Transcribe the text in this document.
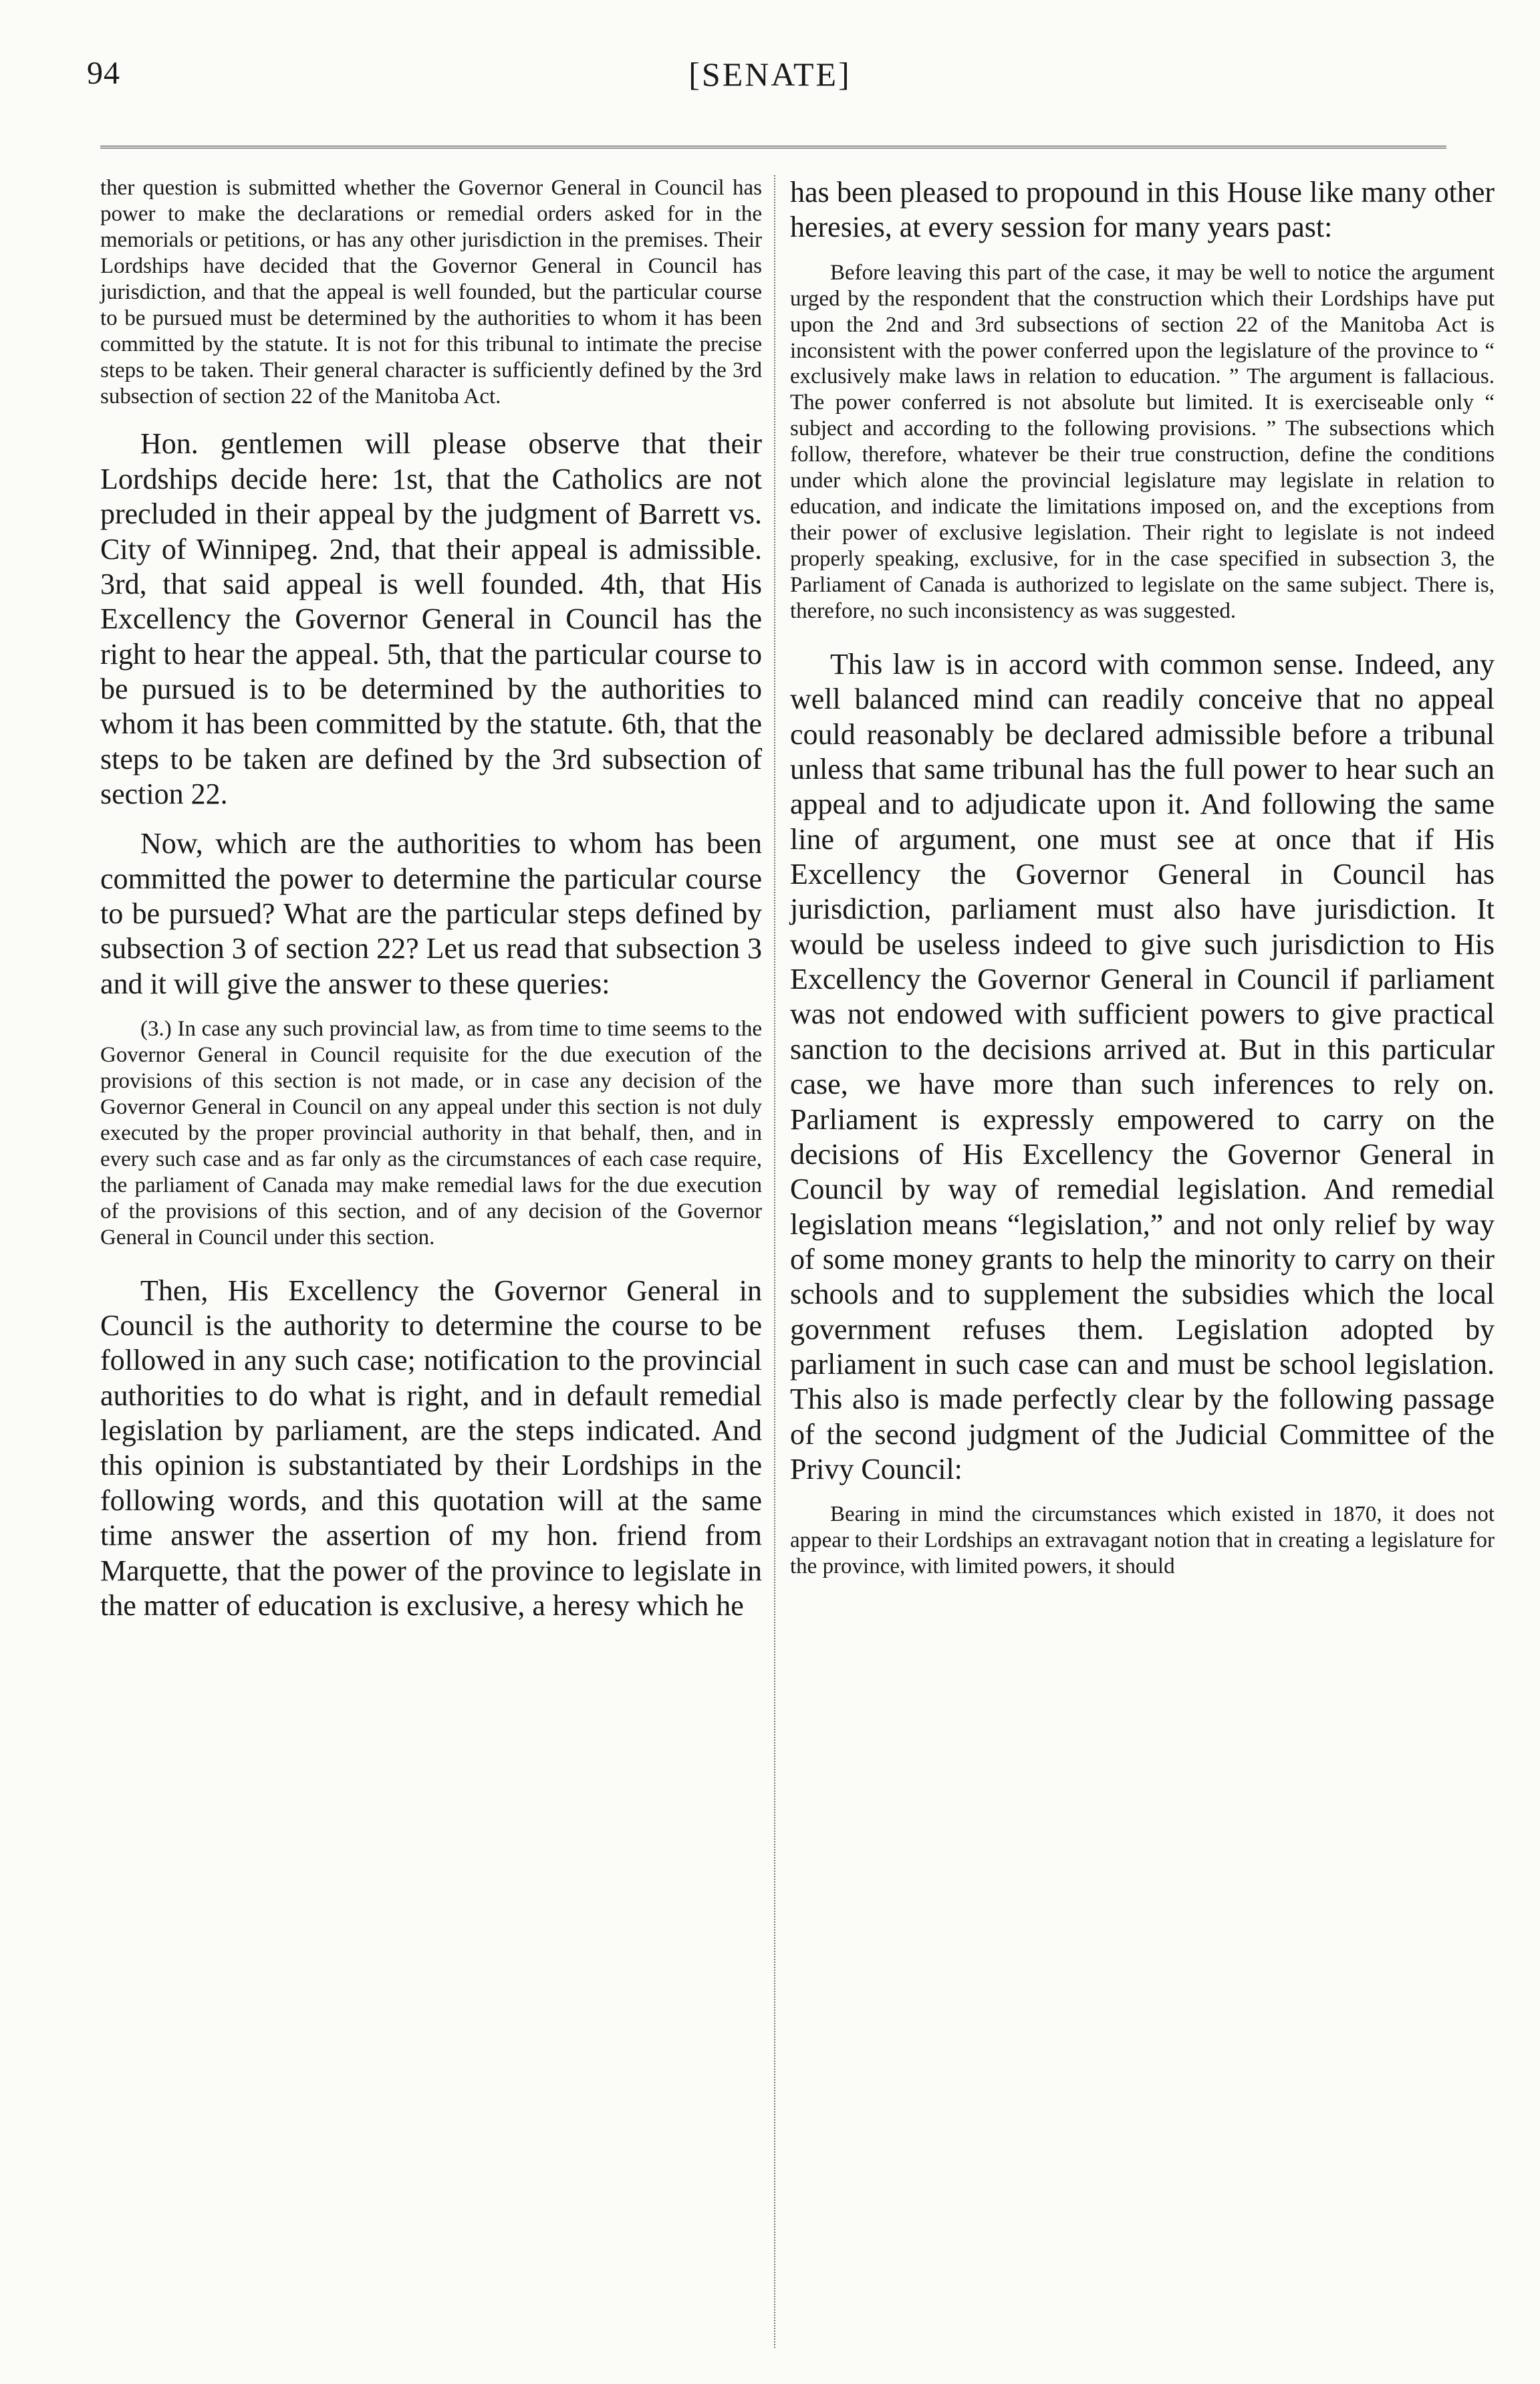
94	[SENATE]

ther question is submitted whether the Governor General in Council has power to make the declarations or remedial orders asked for in the memorials or petitions, or has any other jurisdiction in the premises. Their Lordships have decided that the Governor General in Council has jurisdiction, and that the appeal is well founded, but the particular course to be pursued must be determined by the authorities to whom it has been committed by the statute. It is not for this tribunal to intimate the precise steps to be taken. Their general character is sufficiently defined by the 3rd subsection of section 22 of the Manitoba Act.

Hon. gentlemen will please observe that their Lordships decide here: 1st, that the Catholics are not precluded in their appeal by the judgment of Barrett vs. City of Winnipeg. 2nd, that their appeal is admissible. 3rd, that said appeal is well founded. 4th, that His Excellency the Governor General in Council has the right to hear the appeal. 5th, that the particular course to be pursued is to be determined by the authorities to whom it has been committed by the statute. 6th, that the steps to be taken are defined by the 3rd subsection of section 22.

Now, which are the authorities to whom has been committed the power to determine the particular course to be pursued? What are the particular steps defined by subsection 3 of section 22? Let us read that subsection 3 and it will give the answer to these queries:

(3.) In case any such provincial law, as from time to time seems to the Governor General in Council requisite for the due execution of the provisions of this section is not made, or in case any decision of the Governor General in Council on any appeal under this section is not duly executed by the proper provincial authority in that behalf, then, and in every such case and as far only as the circumstances of each case require, the parliament of Canada may make remedial laws for the due execution of the provisions of this section, and of any decision of the Governor General in Council under this section.

Then, His Excellency the Governor General in Council is the authority to determine the course to be followed in any such case; notification to the provincial authorities to do what is right, and in default remedial legislation by parliament, are the steps indicated. And this opinion is substantiated by their Lordships in the following words, and this quotation will at the same time answer the assertion of my hon. friend from Marquette, that the power of the province to legislate in the matter of education is exclusive, a heresy which he

has been pleased to propound in this House like many other heresies, at every session for many years past:

Before leaving this part of the case, it may be well to notice the argument urged by the respondent that the construction which their Lordships have put upon the 2nd and 3rd subsections of section 22 of the Manitoba Act is inconsistent with the power conferred upon the legislature of the province to “ exclusively make laws in relation to education. ” The argument is fallacious. The power conferred is not absolute but limited. It is exerciseable only “ subject and according to the following provisions. ” The subsections which follow, therefore, whatever be their true construction, define the conditions under which alone the provincial legislature may legislate in relation to education, and indicate the limitations imposed on, and the exceptions from their power of exclusive legislation. Their right to legislate is not indeed properly speaking, exclusive, for in the case specified in subsection 3, the Parliament of Canada is authorized to legislate on the same subject. There is, therefore, no such inconsistency as was suggested.

This law is in accord with common sense. Indeed, any well balanced mind can readily conceive that no appeal could reasonably be declared admissible before a tribunal unless that same tribunal has the full power to hear such an appeal and to adjudicate upon it. And following the same line of argument, one must see at once that if His Excellency the Governor General in Council has jurisdiction, parliament must also have jurisdiction. It would be useless indeed to give such jurisdiction to His Excellency the Governor General in Council if parliament was not endowed with sufficient powers to give practical sanction to the decisions arrived at. But in this particular case, we have more than such inferences to rely on. Parliament is expressly empowered to carry on the decisions of His Excellency the Governor General in Council by way of remedial legislation. And remedial legislation means “legislation,” and not only relief by way of some money grants to help the minority to carry on their schools and to supplement the subsidies which the local government refuses them. Legislation adopted by parliament in such case can and must be school legislation. This also is made perfectly clear by the following passage of the second judgment of the Judicial Committee of the Privy Council:

Bearing in mind the circumstances which existed in 1870, it does not appear to their Lordships an extravagant notion that in creating a legislature for the province, with limited powers, it should
